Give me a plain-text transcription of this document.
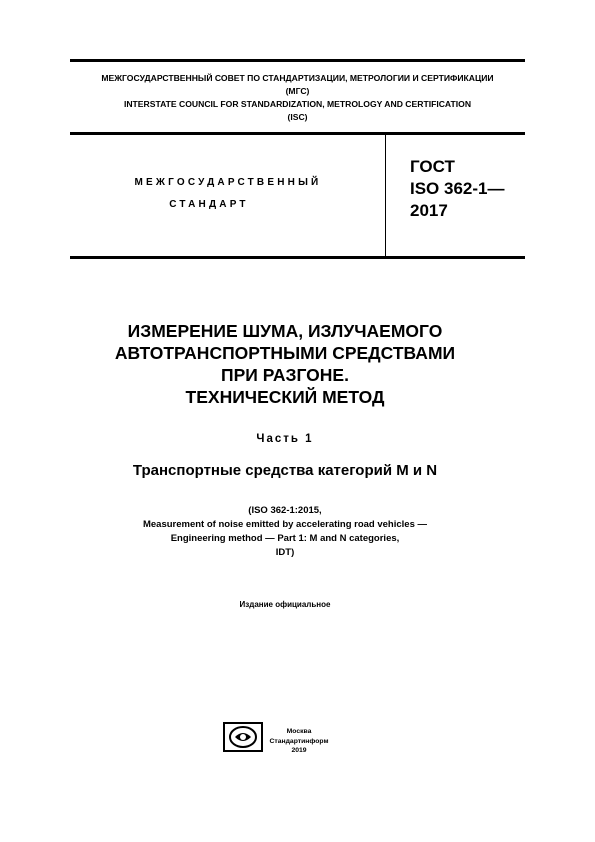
МЕЖГОСУДАРСТВЕННЫЙ СОВЕТ ПО СТАНДАРТИЗАЦИИ, МЕТРОЛОГИИ И СЕРТИФИКАЦИИ
(МГС)
INTERSTATE COUNCIL FOR STANDARDIZATION, METROLOGY AND CERTIFICATION
(ISC)
МЕЖГОСУДАРСТВЕННЫЙ
СТАНДАРТ
ГОСТ
ISO 362-1—
2017
ИЗМЕРЕНИЕ ШУМА, ИЗЛУЧАЕМОГО
АВТОТРАНСПОРТНЫМИ СРЕДСТВАМИ
ПРИ РАЗГОНЕ.
ТЕХНИЧЕСКИЙ МЕТОД
Часть 1
Транспортные средства категорий M и N
(ISO 362-1:2015,
Measurement of noise emitted by accelerating road vehicles —
Engineering method — Part 1: M and N categories,
IDT)
Издание официальное
Москва
Стандартинформ
2019
